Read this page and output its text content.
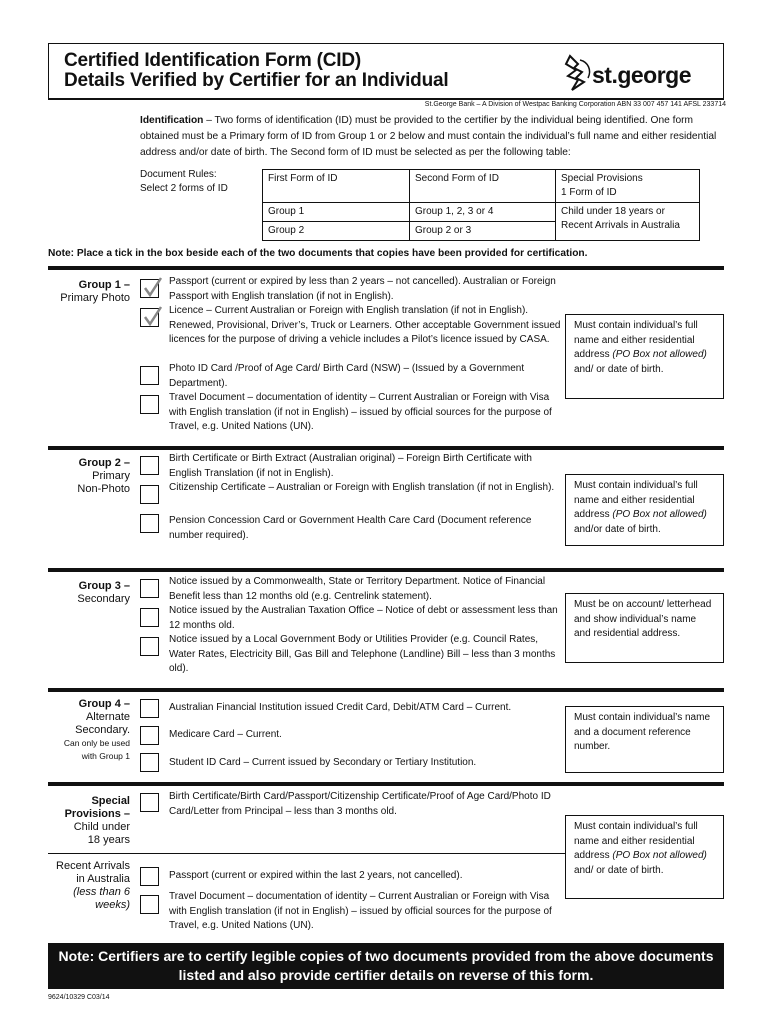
Certified Identification Form (CID)
Details Verified by Certifier for an Individual	st.george
St.George Bank – A Division of Westpac Banking Corporation ABN 33 007 457 141 AFSL 233714
Identification – Two forms of identification (ID) must be provided to the certifier by the individual being identified. One form obtained must be a Primary form of ID from Group 1 or 2 below and must contain the individual’s full name and either residential address and/or date of birth. The Second form of ID must be selected as per the following table:
Document Rules:
Select 2 forms of ID
First Form of ID	Second Form of ID	Special Provisions
1 Form of ID

Group 1	Group 1, 2, 3 or 4	Child under 18 years or
Recent Arrivals in Australia

Group 2	Group 2 or 3	
Note: Place a tick in the box beside each of the two documents that copies have been provided for certification.
Group 1 –
Primary Photo
Passport (current or expired by less than 2 years – not cancelled). Australian or Foreign Passport with English translation (if not in English).
Licence – Current Australian or Foreign with English translation (if not in English). Renewed, Provisional, Driver’s, Truck or Learners. Other acceptable Government issued licences for the purpose of driving a vehicle includes a Pilot’s licence issued by CASA.
Photo ID Card /Proof of Age Card/ Birth Card (NSW) – (Issued by a Government Department).
Travel Document – documentation of identity – Current Australian or Foreign with Visa with English translation (if not in English) – issued by official sources for the purpose of Travel, e.g. United Nations (UN).
Must contain individual’s full name and either residential address (PO Box not allowed) and/ or date of birth.
Group 2 –
Primary
Non-Photo
Birth Certificate or Birth Extract (Australian original) – Foreign Birth Certificate with English Translation (if not in English).
Citizenship Certificate – Australian or Foreign with English translation (if not in English).
Pension Concession Card or Government Health Care Card (Document reference number required).
Must contain individual’s full name and either residential address (PO Box not allowed) and/or date of birth.
Group 3 –
Secondary
Notice issued by a Commonwealth, State or Territory Department. Notice of Financial Benefit less than 12 months old (e.g. Centrelink statement).
Notice issued by the Australian Taxation Office – Notice of debt or assessment less than 12 months old.
Notice issued by a Local Government Body or Utilities Provider (e.g. Council Rates, Water Rates, Electricity Bill, Gas Bill and Telephone (Landline) Bill – less than 3 months old).
Must be on account/ letterhead and show individual’s name and residential address.
Group 4 –
Alternate
Secondary.
Can only be used
with Group 1
Australian Financial Institution issued Credit Card, Debit/ATM Card – Current.
Medicare Card – Current.
Student ID Card – Current issued by Secondary or Tertiary Institution.
Must contain individual’s name and a document reference number.
Special
Provisions –
Child under
18 years
Birth Certificate/Birth Card/Passport/Citizenship Certificate/Proof of Age Card/Photo ID Card/Letter from Principal – less than 3 months old.
Recent Arrivals
in Australia
(less than 6
weeks)
Passport (current or expired within the last 2 years, not cancelled).
Travel Document – documentation of identity – Current Australian or Foreign with Visa with English translation (if not in English) – issued by official sources for the purpose of Travel, e.g. United Nations (UN).
Must contain individual’s full name and either residential address (PO Box not allowed) and/ or date of birth.
Note: Certifiers are to certify legible copies of two documents provided from the above documents listed and also provide certifier details on reverse of this form.
9624/10329 C03/14
